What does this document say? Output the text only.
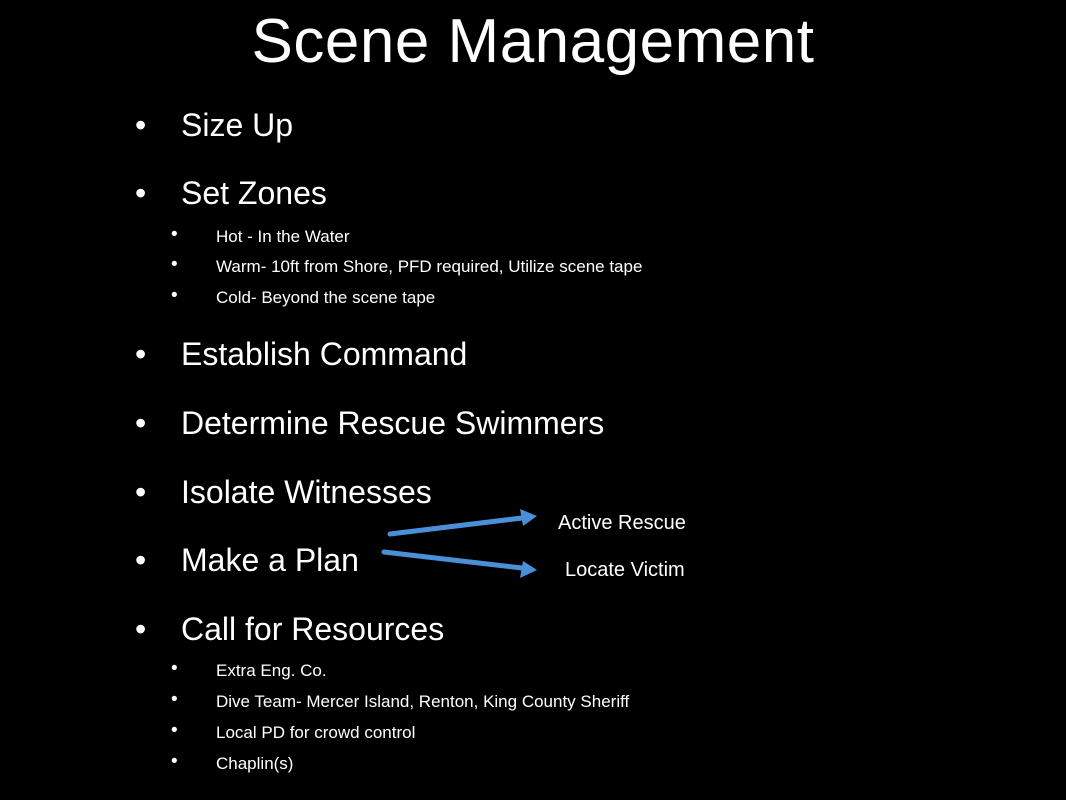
Scene Management
• Size Up
• Set Zones
• Hot - In the Water
• Warm- 10ft from Shore, PFD required, Utilize scene tape
• Cold- Beyond the scene tape
• Establish Command
• Determine Rescue Swimmers
• Isolate Witnesses
• Make a Plan
• Call for Resources
• Extra Eng. Co.
• Dive Team- Mercer Island, Renton, King County Sheriff
• Local PD for crowd control
• Chaplin(s)
Active Rescue
Locate Victim
